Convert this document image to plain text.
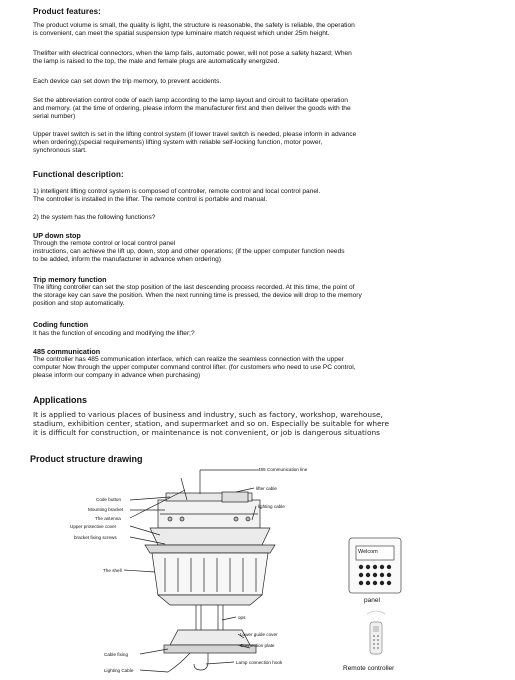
Product features:
The product volume is small, the quality is light, the structure is reasonable, the safety is reliable, the operation
is convenient, can meet the spatial suspension type luminaire match request which under 25m height.
Thelifter with electrical connectors, when the lamp fails, automatic power, will not pose a safety hazard; When
the lamp is raised to the top, the male and female plugs are automatically energized.
Each device can set down the trip memory, to prevent accidents.
Set the abbreviation control code of each lamp according to the lamp layout and circuit to facilitate operation
and memory. (at the time of ordering, please inform the manufacturer first and then deliver the goods with the
serial number)
Upper travel switch is set in the lifting control system (if lower travel switch is needed, please inform in advance
when ordering);(special requirements) lifting system with reliable self-locking function, motor power,
synchronous start.
Functional description:
1) intelligent lifting control system is composed of controller, remote control and local control panel.
The controller is installed in the lifter. The remote control is portable and manual.
2) the system has the following functions?
UP down stop
Through the remote control or local control panel
instructions, can achieve the lift up, down, stop and other operations; (if the upper computer function needs
to be added, inform the manufacturer in advance when ordering)
Trip memory function
The lifting controller can set the stop position of the last descending process recorded. At this time, the point of
the storage key can save the position. When the next running time is pressed, the device will drop to the memory
position and stop automatically.
Coding function
It has the function of encoding and modifying the lifter;?
485 communication
The controller has 485 communication interface, which can realize the seamless connection with the upper
computer Now through the upper computer command control lifter. (for customers who need to use PC control,
please inform our company in advance when purchasing)
Applications
It is applied to various places of business and industry, such as factory, workshop, warehouse,
stadium, exhibition center, station, and supermarket and so on. Especially be suitable for where
it is difficult for construction, or maintenance is not convenient, or job is dangerous situations
Product structure drawing
Code button
Mounting bracket
The antenna
Upper protective cover
bracket fixing screws
The shell
Cable fixing
Lighting Cable
485 Communication line
lifter cable
lighting cable
ops
Lower guide cover
Connection plate
Lamp connection hook
Welcom
panel
Remote controller
